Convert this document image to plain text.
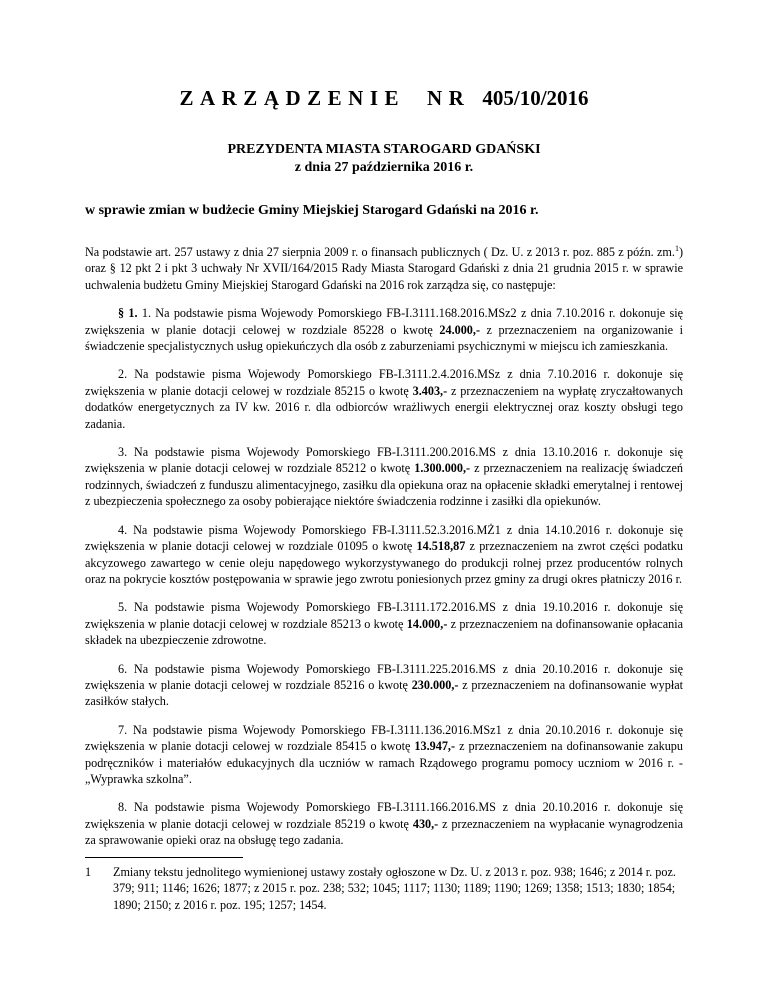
ZARZĄDZENIE NR 405/10/2016
PREZYDENTA MIASTA STAROGARD GDAŃSKI
z dnia 27 października 2016 r.
w sprawie zmian w budżecie Gminy Miejskiej Starogard Gdański na 2016 r.

Na podstawie art. 257 ustawy z dnia 27 sierpnia 2009 r. o finansach publicznych ( Dz. U. z 2013 r. poz. 885 z późn. zm.$^1$) oraz § 12 pkt 2 i pkt 3 uchwały Nr XVII/164/2015 Rady Miasta Starogard Gdański z dnia 21 grudnia 2015 r. w sprawie uchwalenia budżetu Gminy Miejskiej Starogard Gdański na 2016 rok zarządza się, co następuje:

§ 1. 1. Na podstawie pisma Wojewody Pomorskiego FB-I.3111.168.2016.MSz2 z dnia 7.10.2016 r. dokonuje się zwiększenia w planie dotacji celowej w rozdziale 85228 o kwotę 24.000,- z przeznaczeniem na organizowanie i świadczenie specjalistycznych usług opiekuńczych dla osób z zaburzeniami psychicznymi w miejscu ich zamieszkania.

2. Na podstawie pisma Wojewody Pomorskiego FB-I.3111.2.4.2016.MSz z dnia 7.10.2016 r. dokonuje się zwiększenia w planie dotacji celowej w rozdziale 85215 o kwotę 3.403,- z przeznaczeniem na wypłatę zryczałtowanych dodatków energetycznych za IV kw. 2016 r. dla odbiorców wrażliwych energii elektrycznej oraz koszty obsługi tego zadania.

3. Na podstawie pisma Wojewody Pomorskiego FB-I.3111.200.2016.MS z dnia 13.10.2016 r. dokonuje się zwiększenia w planie dotacji celowej w rozdziale 85212 o kwotę 1.300.000,- z przeznaczeniem na realizację świadczeń rodzinnych, świadczeń z funduszu alimentacyjnego, zasiłku dla opiekuna oraz na opłacenie składki emerytalnej i rentowej z ubezpieczenia społecznego za osoby pobierające niektóre świadczenia rodzinne i zasiłki dla opiekunów.

4. Na podstawie pisma Wojewody Pomorskiego FB-I.3111.52.3.2016.MŻ1 z dnia 14.10.2016 r. dokonuje się zwiększenia w planie dotacji celowej w rozdziale 01095 o kwotę 14.518,87 z przeznaczeniem na zwrot części podatku akcyzowego zawartego w cenie oleju napędowego wykorzystywanego do produkcji rolnej przez producentów rolnych oraz na pokrycie kosztów postępowania w sprawie jego zwrotu poniesionych przez gminy za drugi okres płatniczy 2016 r.

5. Na podstawie pisma Wojewody Pomorskiego FB-I.3111.172.2016.MS z dnia 19.10.2016 r. dokonuje się zwiększenia w planie dotacji celowej w rozdziale 85213 o kwotę 14.000,- z przeznaczeniem na dofinansowanie opłacania składek na ubezpieczenie zdrowotne.

6. Na podstawie pisma Wojewody Pomorskiego FB-I.3111.225.2016.MS z dnia 20.10.2016 r. dokonuje się zwiększenia w planie dotacji celowej w rozdziale 85216 o kwotę 230.000,- z przeznaczeniem na dofinansowanie wypłat zasiłków stałych.

7. Na podstawie pisma Wojewody Pomorskiego FB-I.3111.136.2016.MSz1 z dnia 20.10.2016 r. dokonuje się zwiększenia w planie dotacji celowej w rozdziale 85415 o kwotę 13.947,- z przeznaczeniem na dofinansowanie zakupu podręczników i materiałów edukacyjnych dla uczniów w ramach Rządowego programu pomocy uczniom w 2016 r. - „Wyprawka szkolna”.

8. Na podstawie pisma Wojewody Pomorskiego FB-I.3111.166.2016.MS z dnia 20.10.2016 r. dokonuje się zwiększenia w planie dotacji celowej w rozdziale 85219 o kwotę 430,- z przeznaczeniem na wypłacanie wynagrodzenia za sprawowanie opieki oraz na obsługę tego zadania.

1 Zmiany tekstu jednolitego wymienionej ustawy zostały ogłoszone w Dz. U. z 2013 r. poz. 938; 1646; z 2014 r. poz. 379; 911; 1146; 1626; 1877; z 2015 r. poz. 238; 532; 1045; 1117; 1130; 1189; 1190; 1269; 1358; 1513; 1830; 1854; 1890; 2150; z 2016 r. poz. 195; 1257; 1454.
